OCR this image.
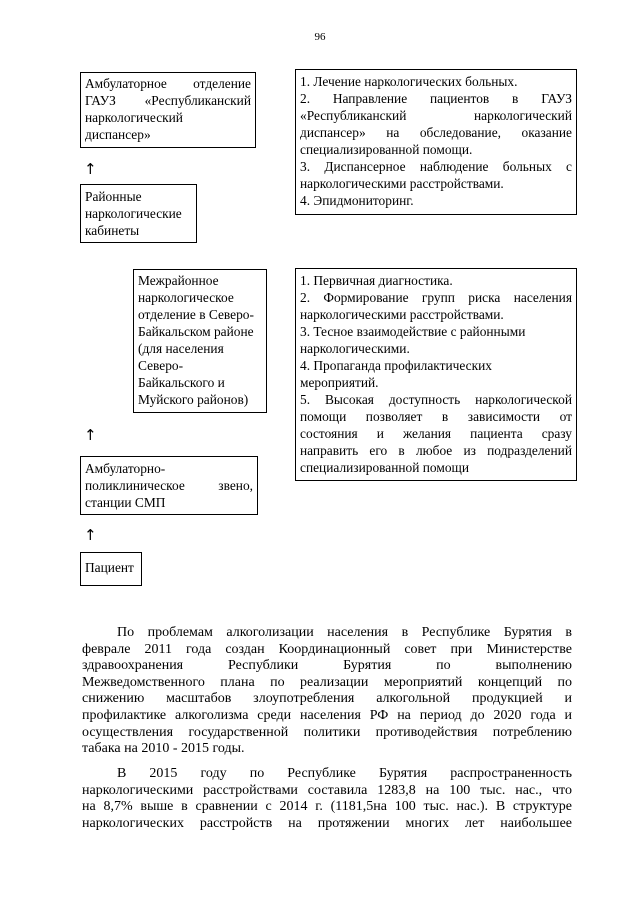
96
Амбулаторное отделение
ГАУЗ «Республиканский
наркологический
диспансер»
↑
Районные
наркологические
кабинеты
Межрайонное
наркологическое
отделение в Северо-
Байкальском районе
(для населения
Северо-
Байкальского и
Муйского районов)
↑
Амбулаторно-
поликлиническое звено,
станции СМП
↑
Пациент
1. Лечение наркологических больных.
2. Направление пациентов в ГАУЗ
«Республиканский наркологический
диспансер» на обследование, оказание
специализированной помощи.
3. Диспансерное наблюдение больных с
наркологическими расстройствами.
4. Эпидмониторинг.
1. Первичная диагностика.
2. Формирование групп риска населения
наркологическими расстройствами.
3. Тесное взаимодействие с районными
наркологическими.
4. Пропаганда профилактических
мероприятий.
5. Высокая доступность наркологической
помощи позволяет в зависимости от
состояния и желания пациента сразу
направить его в любое из подразделений
специализированной помощи
По проблемам алкоголизации населения в Республике Бурятия в
феврале 2011 года создан Координационный совет при Министерстве
здравоохранения Республики Бурятия по выполнению
Межведомственного плана по реализации мероприятий концепций по
снижению масштабов злоупотребления алкогольной продукцией и
профилактике алкоголизма среди населения РФ на период до 2020 года и
осуществления государственной политики противодействия потреблению
табака на 2010 - 2015 годы.
В 2015 году по Республике Бурятия распространенность
наркологическими расстройствами составила 1283,8 на 100 тыс. нас., что
на 8,7% выше в сравнении с 2014 г. (1181,5на 100 тыс. нас.). В структуре
наркологических расстройств на протяжении многих лет наибольшее
